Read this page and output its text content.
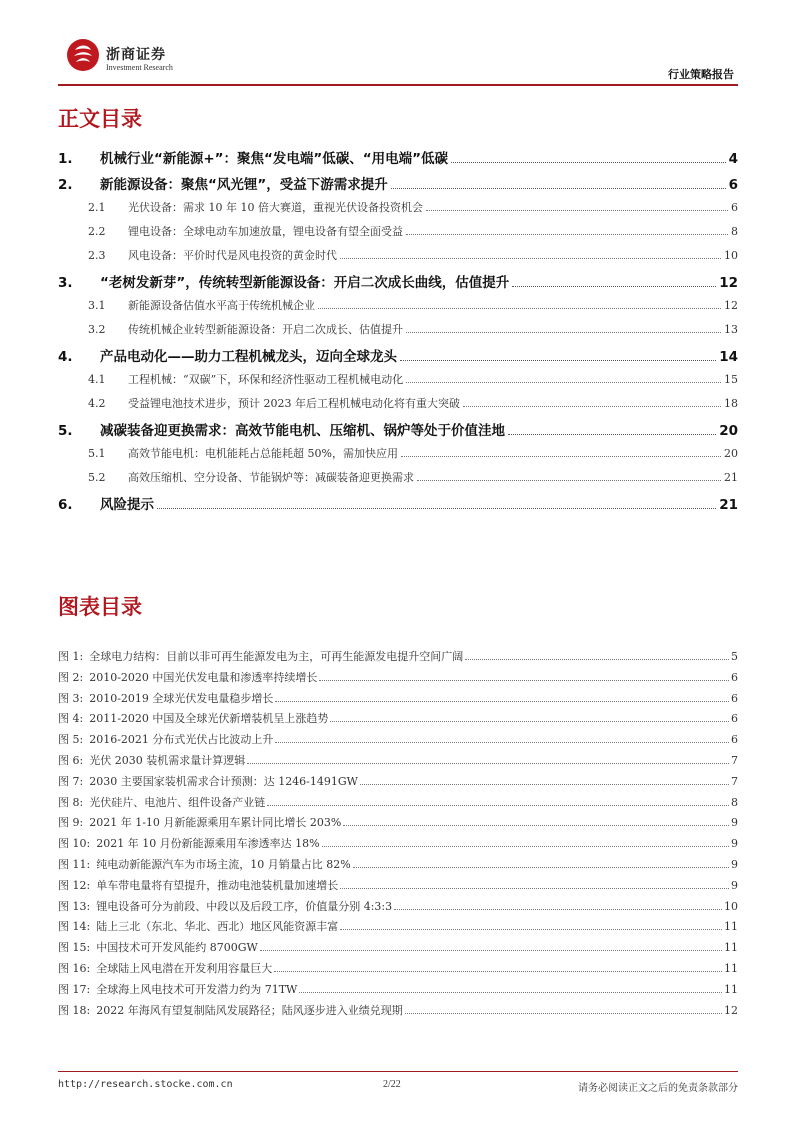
浙商证券
Investment Research
行业策略报告
正文目录
1.	机械行业“新能源+”：聚焦“发电端”低碳、“用电端”低碳	4
2.	新能源设备：聚焦“风光锂”，受益下游需求提升	6
2.1	光伏设备：需求 10 年 10 倍大赛道，重视光伏设备投资机会	6
2.2	锂电设备：全球电动车加速放量，锂电设备有望全面受益	8
2.3	风电设备：平价时代是风电投资的黄金时代	10
3.	“老树发新芽”，传统转型新能源设备：开启二次成长曲线，估值提升	12
3.1	新能源设备估值水平高于传统机械企业	12
3.2	传统机械企业转型新能源设备：开启二次成长、估值提升	13
4.	产品电动化——助力工程机械龙头，迈向全球龙头	14
4.1	工程机械：“双碳”下，环保和经济性驱动工程机械电动化	15
4.2	受益锂电池技术进步，预计 2023 年后工程机械电动化将有重大突破	18
5.	减碳装备迎更换需求：高效节能电机、压缩机、锅炉等处于价值洼地	20
5.1	高效节能电机：电机能耗占总能耗超 50%，需加快应用	20
5.2	高效压缩机、空分设备、节能锅炉等：减碳装备迎更换需求	21
6.	风险提示	21
图表目录
图 1: 全球电力结构：目前以非可再生能源发电为主，可再生能源发电提升空间广阔	5
图 2: 2010-2020 中国光伏发电量和渗透率持续增长	6
图 3: 2010-2019 全球光伏发电量稳步增长	6
图 4: 2011-2020 中国及全球光伏新增装机呈上涨趋势	6
图 5: 2016-2021 分布式光伏占比波动上升	6
图 6: 光伏 2030 装机需求量计算逻辑	7
图 7: 2030 主要国家装机需求合计预测：达 1246-1491GW	7
图 8: 光伏硅片、电池片、组件设备产业链	8
图 9: 2021 年 1-10 月新能源乘用车累计同比增长 203%	9
图 10: 2021 年 10 月份新能源乘用车渗透率达 18%	9
图 11: 纯电动新能源汽车为市场主流，10 月销量占比 82%	9
图 12: 单车带电量将有望提升，推动电池装机量加速增长	9
图 13: 锂电设备可分为前段、中段以及后段工序，价值量分别 4:3:3	10
图 14: 陆上三北（东北、华北、西北）地区风能资源丰富	11
图 15: 中国技术可开发风能约 8700GW	11
图 16: 全球陆上风电潜在开发利用容量巨大	11
图 17: 全球海上风电技术可开发潜力约为 71TW	11
图 18: 2022 年海风有望复制陆风发展路径；陆风逐步进入业绩兑现期	12
http://research.stocke.com.cn	2/22	请务必阅读正文之后的免责条款部分
